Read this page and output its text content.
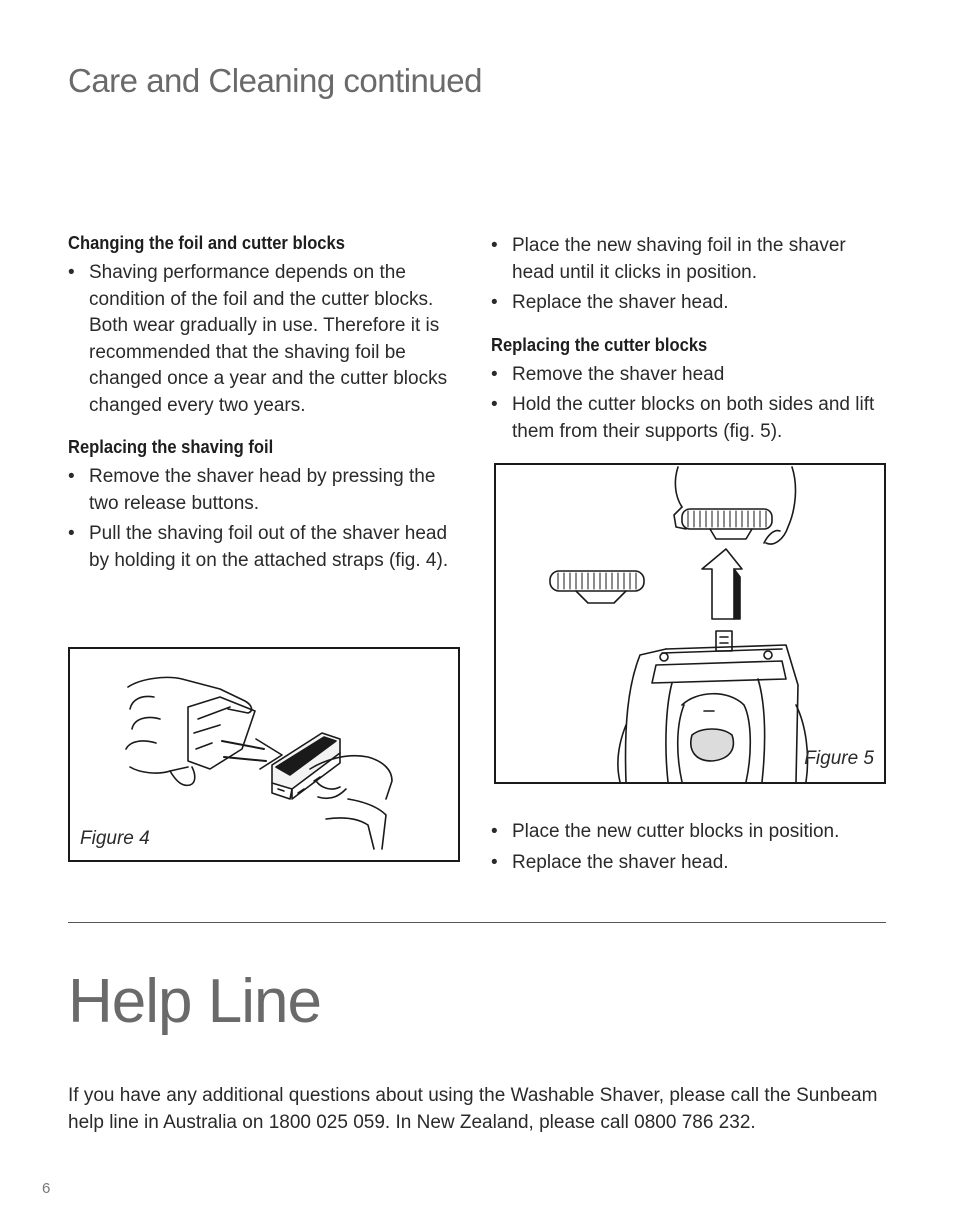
Care and Cleaning continued
Changing the foil and cutter blocks
• Shaving performance depends on the condition of the foil and the cutter blocks. Both wear gradually in use. Therefore it is recommended that the shaving foil be changed once a year and the cutter blocks changed every two years.
Replacing the shaving foil
• Remove the shaver head by pressing the two release buttons.
• Pull the shaving foil out of the shaver head by holding it on the attached straps (fig. 4).
Figure 4
• Place the new shaving foil in the shaver head until it clicks in position.
• Replace the shaver head.
Replacing the cutter blocks
• Remove the shaver head
• Hold the cutter blocks on both sides and lift them from their supports (fig. 5).
Figure 5
• Place the new cutter blocks in position.
• Replace the shaver head.
Help Line

If you have any additional questions about using the Washable Shaver, please call the Sunbeam help line in Australia on 1800 025 059. In New Zealand, please call 0800 786 232.

6
